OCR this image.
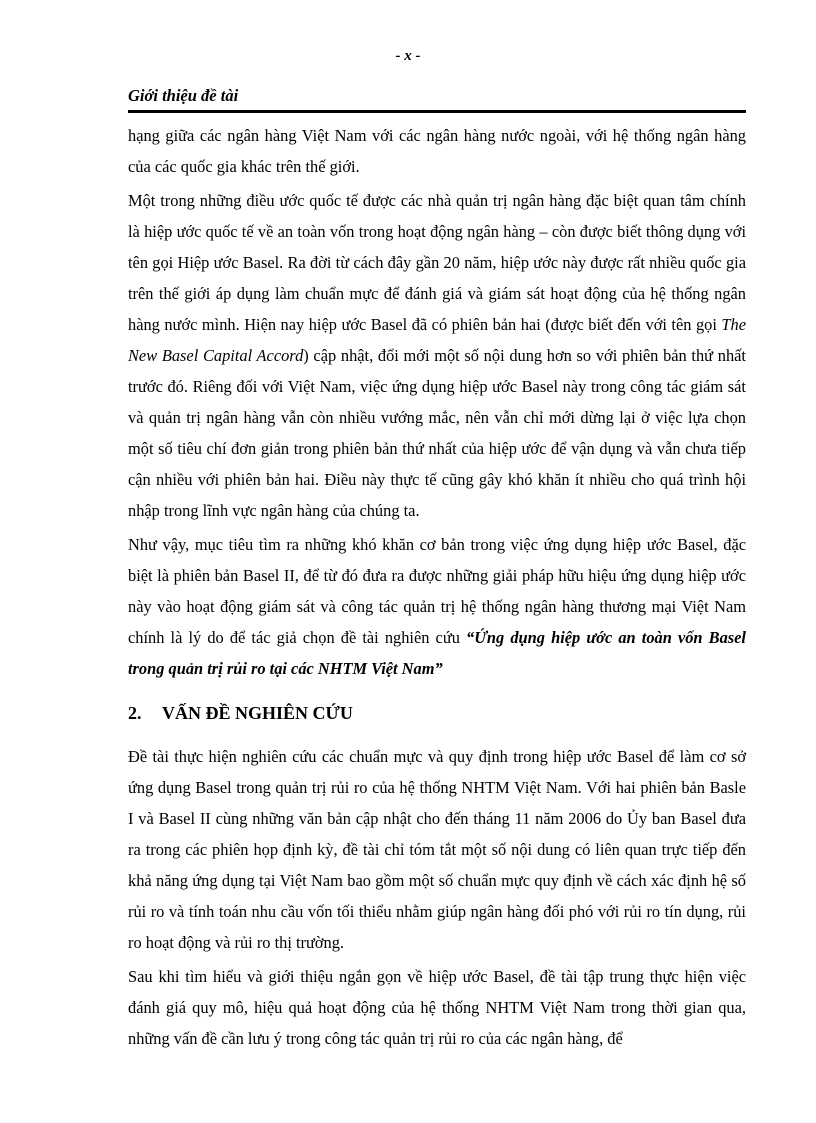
- x -
Giới thiệu đề tài

hạng giữa các ngân hàng Việt Nam với các ngân hàng nước ngoài, với hệ thống ngân hàng của các quốc gia khác trên thế giới.

Một trong những điều ước quốc tế được các nhà quản trị ngân hàng đặc biệt quan tâm chính là hiệp ước quốc tế về an toàn vốn trong hoạt động ngân hàng – còn được biết thông dụng với tên gọi Hiệp ước Basel. Ra đời từ cách đây gần 20 năm, hiệp ước này được rất nhiều quốc gia trên thế giới áp dụng làm chuẩn mực để đánh giá và giám sát hoạt động của hệ thống ngân hàng nước mình. Hiện nay hiệp ước Basel đã có phiên bản hai (được biết đến với tên gọi The New Basel Capital Accord) cập nhật, đổi mới một số nội dung hơn so với phiên bản thứ nhất trước đó. Riêng đối với Việt Nam, việc ứng dụng hiệp ước Basel này trong công tác giám sát và quản trị ngân hàng vẫn còn nhiều vướng mắc, nên vẫn chỉ mới dừng lại ở việc lựa chọn một số tiêu chí đơn giản trong phiên bản thứ nhất của hiệp ước để vận dụng và vẫn chưa tiếp cận nhiều với phiên bản hai. Điều này thực tế cũng gây khó khăn ít nhiều cho quá trình hội nhập trong lĩnh vực ngân hàng của chúng ta.

Như vậy, mục tiêu tìm ra những khó khăn cơ bản trong việc ứng dụng hiệp ước Basel, đặc biệt là phiên bản Basel II, để từ đó đưa ra được những giải pháp hữu hiệu ứng dụng hiệp ước này vào hoạt động giám sát và công tác quản trị hệ thống ngân hàng thương mại Việt Nam chính là lý do để tác giả chọn đề tài nghiên cứu “Ứng dụng hiệp ước an toàn vốn Basel trong quản trị rủi ro tại các NHTM Việt Nam”

2. VẤN ĐỀ NGHIÊN CỨU

Đề tài thực hiện nghiên cứu các chuẩn mực và quy định trong hiệp ước Basel để làm cơ sở ứng dụng Basel trong quản trị rủi ro của hệ thống NHTM Việt Nam. Với hai phiên bản Basle I và Basel II cùng những văn bản cập nhật cho đến tháng 11 năm 2006 do Ủy ban Basel đưa ra trong các phiên họp định kỳ, đề tài chỉ tóm tắt một số nội dung có liên quan trực tiếp đến khả năng ứng dụng tại Việt Nam bao gồm một số chuẩn mực quy định về cách xác định hệ số rủi ro và tính toán nhu cầu vốn tối thiểu nhằm giúp ngân hàng đối phó với rủi ro tín dụng, rủi ro hoạt động và rủi ro thị trường.

Sau khi tìm hiểu và giới thiệu ngắn gọn về hiệp ước Basel, đề tài tập trung thực hiện việc đánh giá quy mô, hiệu quả hoạt động của hệ thống NHTM Việt Nam trong thời gian qua, những vấn đề cần lưu ý trong công tác quản trị rủi ro của các ngân hàng, để
